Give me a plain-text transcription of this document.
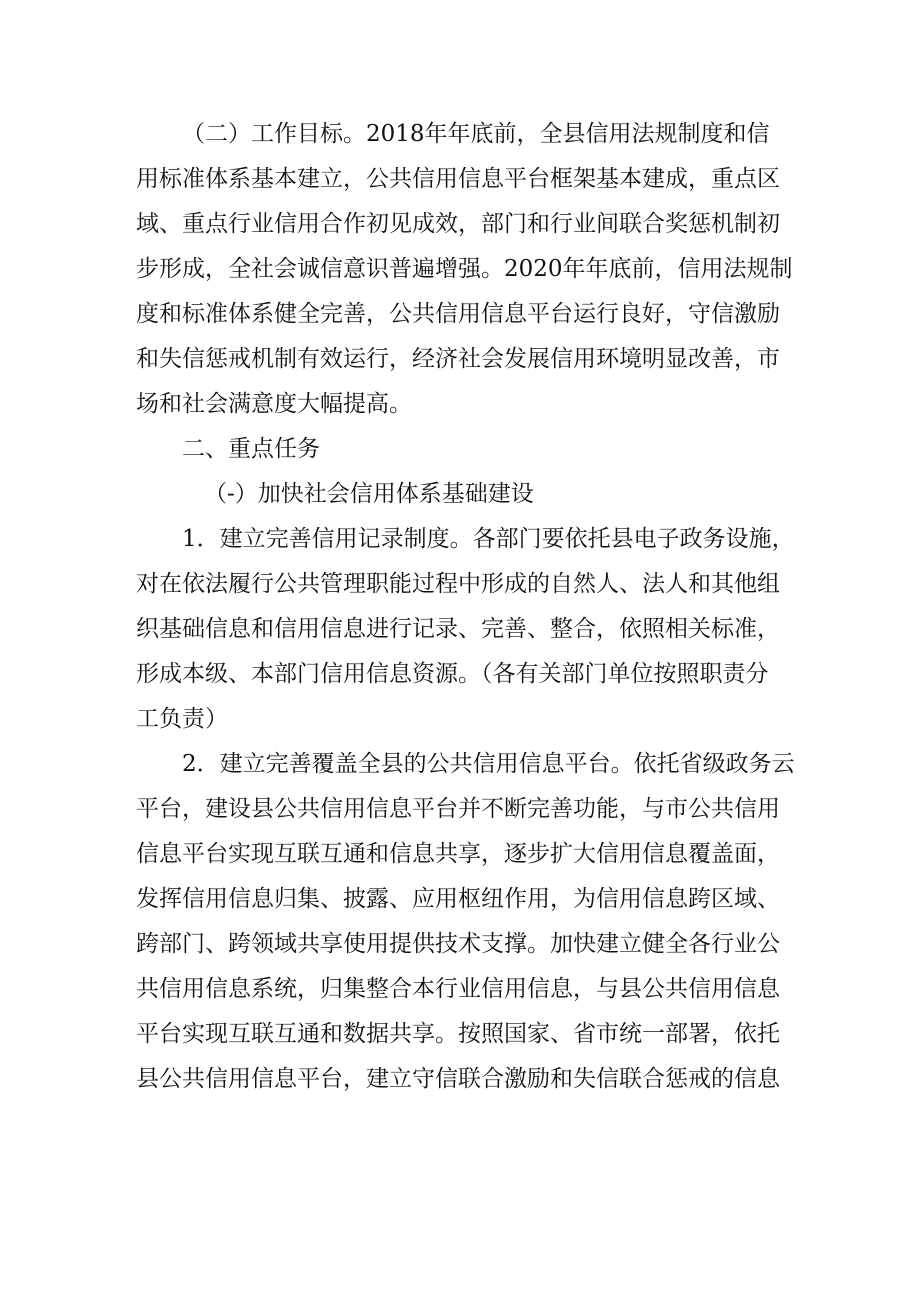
（二）工作目标。2018年年底前，全县信用法规制度和信
用标准体系基本建立，公共信用信息平台框架基本建成，重点区
域、重点行业信用合作初见成效，部门和行业间联合奖惩机制初
步形成，全社会诚信意识普遍增强。2020年年底前，信用法规制
度和标准体系健全完善，公共信用信息平台运行良好，守信激励
和失信惩戒机制有效运行，经济社会发展信用环境明显改善，市
场和社会满意度大幅提高。
二、重点任务
（-）加快社会信用体系基础建设
1．建立完善信用记录制度。各部门要依托县电子政务设施，
对在依法履行公共管理职能过程中形成的自然人、法人和其他组
织基础信息和信用信息进行记录、完善、整合，依照相关标准，
形成本级、本部门信用信息资源。（各有关部门单位按照职责分
工负责）
2．建立完善覆盖全县的公共信用信息平台。依托省级政务云
平台，建设县公共信用信息平台并不断完善功能，与市公共信用
信息平台实现互联互通和信息共享，逐步扩大信用信息覆盖面，
发挥信用信息归集、披露、应用枢纽作用，为信用信息跨区域、
跨部门、跨领域共享使用提供技术支撑。加快建立健全各行业公
共信用信息系统，归集整合本行业信用信息，与县公共信用信息
平台实现互联互通和数据共享。按照国家、省市统一部署，依托
县公共信用信息平台，建立守信联合激励和失信联合惩戒的信息
